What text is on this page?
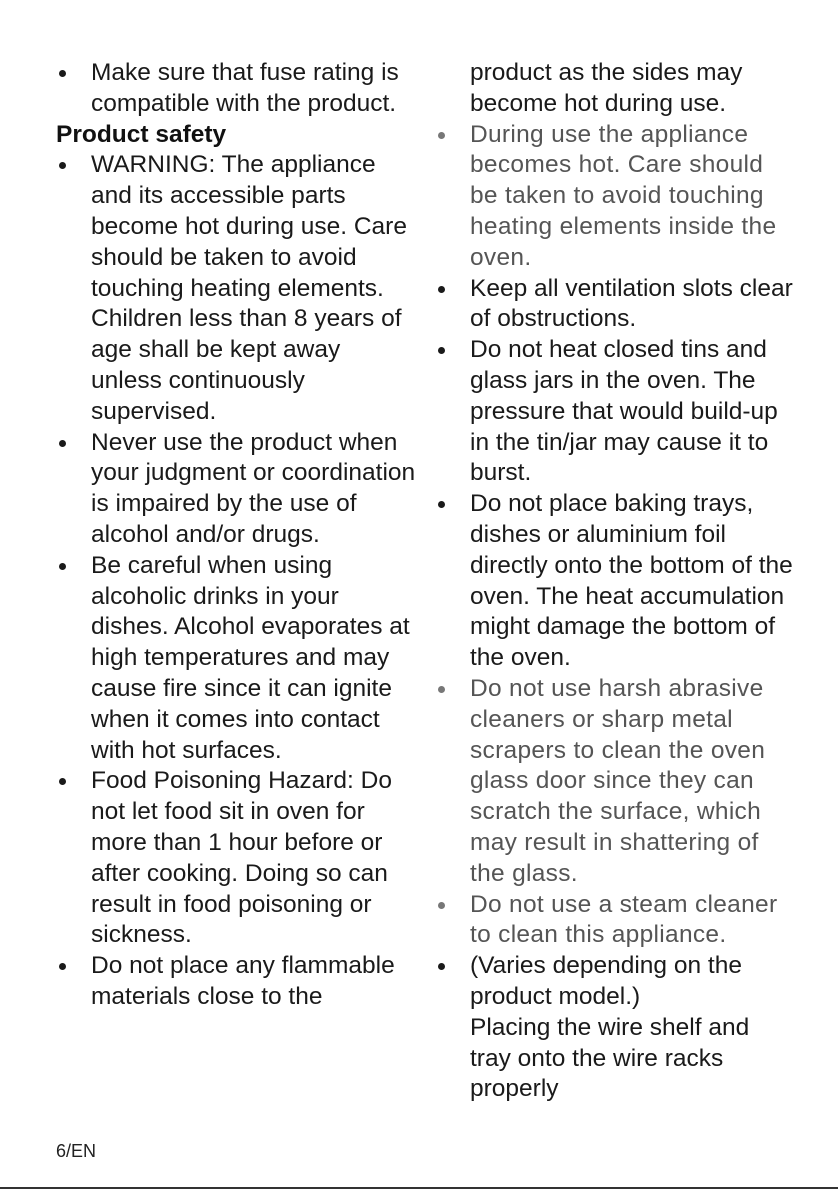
Make sure that fuse rating is compatible with the product.
Product safety
WARNING: The appliance and its accessible parts become hot during use. Care should be taken to avoid touching heating elements. Children less than 8 years of age shall be kept away unless continuously supervised.
Never use the product when your judgment or coordination is impaired by the use of alcohol and/or drugs.
Be careful when using alcoholic drinks in your dishes. Alcohol evaporates at high temperatures and may cause fire since it can ignite when it comes into contact with hot surfaces.
Food Poisoning Hazard: Do not let food sit in oven for more than 1 hour before or after cooking. Doing so can result in food poisoning or sickness.
Do not place any flammable materials close to the
product as the sides may become hot during use.
During use the appliance becomes hot. Care should be taken to avoid touching heating elements inside the oven.
Keep all ventilation slots clear of obstructions.
Do not heat closed tins and glass jars in the oven. The pressure that would build-up in the tin/jar may cause it to burst.
Do not place baking trays, dishes or aluminium foil directly onto the bottom of the oven. The heat accumulation might damage the bottom of the oven.
Do not use harsh abrasive cleaners or sharp metal scrapers to clean the oven glass door since they can scratch the surface, which may result in shattering of the glass.
Do not use a steam cleaner to clean this appliance.
(Varies depending on the product model.)
Placing the wire shelf and tray onto the wire racks properly
6/EN
